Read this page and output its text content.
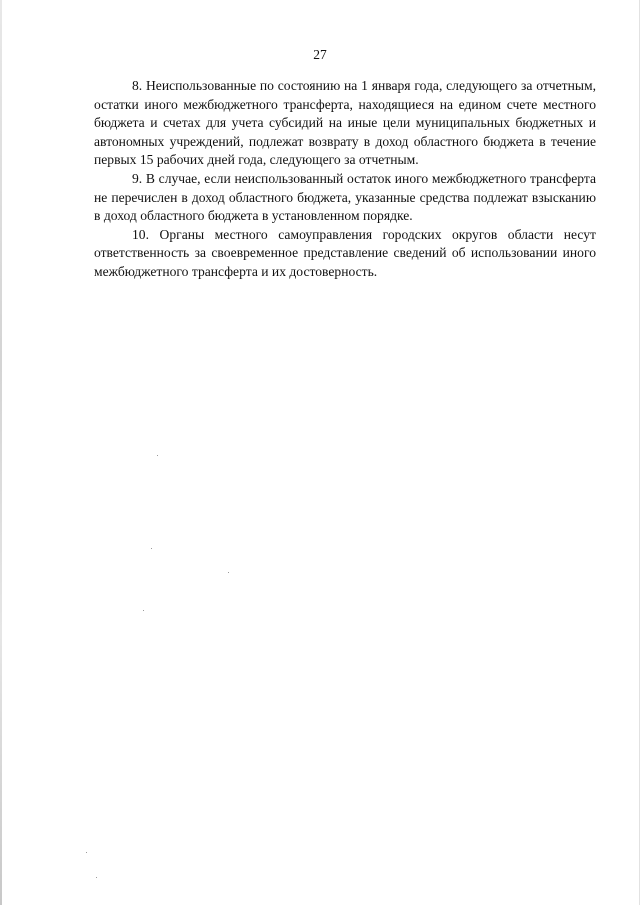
27

8. Неиспользованные по состоянию на 1 января года, следующего за отчетным, остатки иного межбюджетного трансферта, находящиеся на едином счете местного бюджета и счетах для учета субсидий на иные цели муниципальных бюджетных и автономных учреждений, подлежат возврату в доход областного бюджета в течение первых 15 рабочих дней года, следующего за отчетным.

9. В случае, если неиспользованный остаток иного межбюджетного трансферта не перечислен в доход областного бюджета, указанные средства подлежат взысканию в доход областного бюджета в установленном порядке.

10. Органы местного самоуправления городских округов области несут ответственность за своевременное представление сведений об использовании иного межбюджетного трансферта и их достоверность.
